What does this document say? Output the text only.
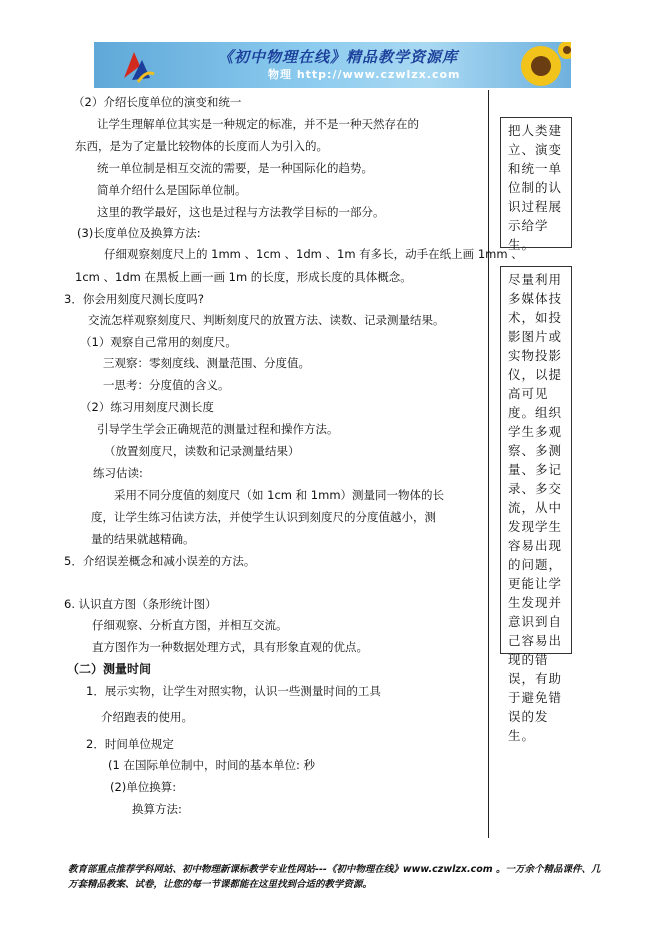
《初中物理在线》精品教学资源库
物理 http://www.czwlzx.com
（2）介绍长度单位的演变和统一
让学生理解单位其实是一种规定的标准，并不是一种天然存在的
东西，是为了定量比较物体的长度而人为引入的。
统一单位制是相互交流的需要，是一种国际化的趋势。
简单介绍什么是国际单位制。
这里的教学最好，这也是过程与方法教学目标的一部分。
(3)长度单位及换算方法:
仔细观察刻度尺上的 1mm 、1cm 、1dm 、1m 有多长，动手在纸上画 1mm 、
1cm 、1dm 在黑板上画一画 1m 的长度，形成长度的具体概念。
3．你会用刻度尺测长度吗?
交流怎样观察刻度尺、判断刻度尺的放置方法、读数、记录测量结果。
（1）观察自己常用的刻度尺。
三观察：零刻度线、测量范围、分度值。
一思考：分度值的含义。
（2）练习用刻度尺测长度
引导学生学会正确规范的测量过程和操作方法。
（放置刻度尺，读数和记录测量结果）
练习估读:
采用不同分度值的刻度尺（如 1cm 和 1mm）测量同一物体的长
度，让学生练习估读方法，并使学生认识到刻度尺的分度值越小，测
量的结果就越精确。
5．介绍误差概念和减小误差的方法。
6. 认识直方图（条形统计图）
仔细观察、分析直方图，并相互交流。
直方图作为一种数据处理方式，具有形象直观的优点。
（二）测量时间
1．展示实物，让学生对照实物，认识一些测量时间的工具
介绍跑表的使用。
2．时间单位规定
(1 在国际单位制中，时间的基本单位: 秒
(2)单位换算:
换算方法:
把人类建立、演变和统一单位制的认识过程展示给学生。
尽量利用多媒体技术，如投影图片或实物投影仪，以提高可见度。组织学生多观察、多测量、多记录、多交流，从中发现学生容易出现的问题，更能让学生发现并意识到自己容易出现的错误，有助于避免错误的发生。
教育部重点推荐学科网站、初中物理新课标教学专业性网站---《初中物理在线》www.czwlzx.com 。一万余个精品课件、几万套精品教案、试卷，让您的每一节课都能在这里找到合适的教学资源。
